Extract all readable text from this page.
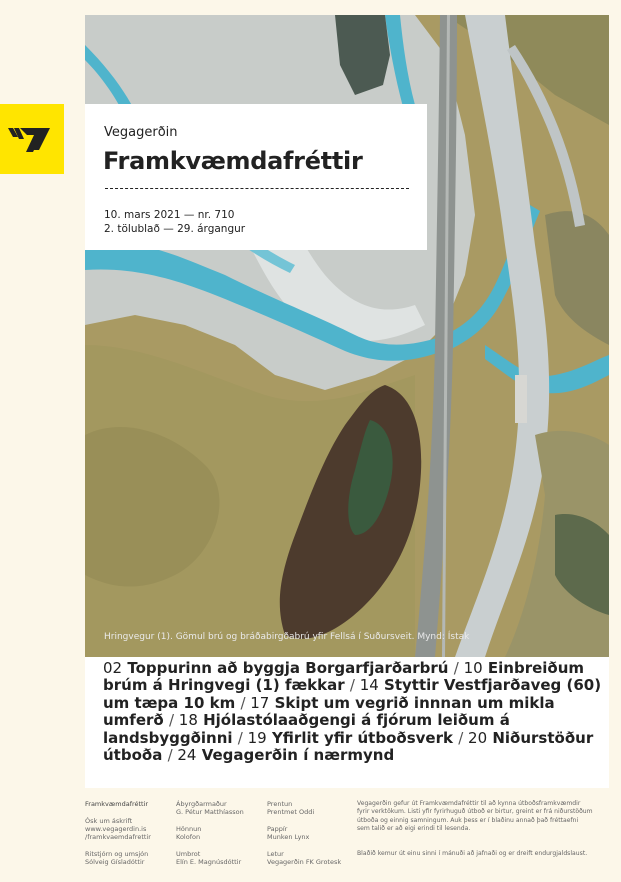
Hringvegur (1). Gömul brú og bráðabirgðabrú yfir Fellsá í Suðursveit. Mynd: Ístak
Vegagerðin
Framkvæmdafréttir
10. mars 2021 — nr. 710
2. tölublað — 29. árgangur

02 Toppurinn að byggja Borgarfjarðarbrú / 10 Einbreiðum brúm á Hringvegi (1) fækkar / 14 Styttir Vestfjarðaveg (60) um tæpa 10 km / 17 Skipt um vegrið innnan um mikla umferð / 18 Hjólastólaaðgengi á fjórum leiðum á landsbyggðinni / 19 Yfirlit yfir útboðsverk / 20 Niðurstöður útboða / 24 Vegagerðin í nærmynd

Framkvæmdafréttir
Ósk um áskrift
www.vegagerdin.is
/framkvaemdafrettir
Ritstjórn og umsjón
Sólveig Gísladóttir
Ábyrgðarmaður
G. Pétur Matthíasson
Hönnun
Kolofon
Umbrot
Elín E. Magnúsdóttir
Prentun
Prentmet Oddi
Pappír
Munken Lynx
Letur
Vegagerðin FK Grotesk
Vegagerðin gefur út Framkvæmdafréttir til að kynna útboðsframkvæmdir
fyrir verktökum. Listi yfir fyrirhuguð útboð er birtur, greint er frá niðurstöðum
útboða og einnig samningum. Auk þess er í blaðinu annað það fréttaefni
sem talið er að eigi erindi til lesenda.
Blaðið kemur út einu sinni í mánuði að jafnaði og er dreift endurgjaldslaust.
